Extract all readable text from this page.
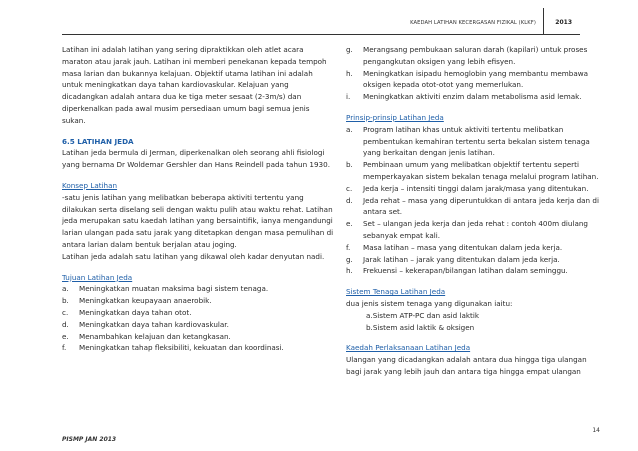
KAEDAH LATIHAN KECERGASAN FIZIKAL (KLKF)	2013

Latihan ini adalah latihan yang sering dipraktikkan oleh atlet acara maraton atau jarak jauh. Latihan ini memberi penekanan kepada tempoh masa larian dan bukannya kelajuan. Objektif utama latihan ini adalah untuk meningkatkan daya tahan kardiovaskular. Kelajuan yang dicadangkan adalah antara dua ke tiga meter sesaat (2-3m/s) dan diperkenalkan pada awal musim persediaan umum bagi semua jenis sukan.

6.5 LATIHAN JEDA

Latihan jeda bermula di Jerman, diperkenalkan oleh seorang ahli fisiologi yang bernama Dr Woldemar Gershler dan Hans Reindell pada tahun 1930.

Konsep Latihan

-satu jenis latihan yang melibatkan beberapa aktiviti tertentu yang dilakukan serta diselang seli dengan waktu pulih atau waktu rehat. Latihan jeda merupakan satu kaedah latihan yang bersaintifik, ianya mengandungi larian ulangan pada satu jarak yang ditetapkan dengan masa pemulihan di antara larian dalam bentuk berjalan atau joging.

Latihan jeda adalah satu latihan yang dikawal oleh kadar denyutan nadi.

Tujuan Latihan Jeda
a.	Meningkatkan muatan maksima bagi sistem tenaga.
b.	Meningkatkan keupayaan anaerobik.
c.	Meningkatkan daya tahan otot.
d.	Meningkatkan daya tahan kardiovaskular.
e.	Menambahkan kelajuan dan ketangkasan.
f.	Meningkatkan tahap fleksibiliti, kekuatan dan koordinasi.
g.	Merangsang pembukaan saluran darah (kapilari) untuk proses pengangkutan oksigen yang lebih efisyen.
h.	Meningkatkan isipadu hemoglobin yang membantu membawa oksigen kepada otot-otot yang memerlukan.
i.	Meningkatkan aktiviti enzim dalam metabolisma asid lemak.
Prinsip-prinsip Latihan Jeda
a.	Program latihan khas untuk aktiviti tertentu melibatkan pembentukan kemahiran tertentu serta bekalan sistem tenaga yang berkaitan dengan jenis latihan.
b.	Pembinaan umum yang melibatkan objektif tertentu seperti memperkayakan sistem bekalan tenaga melalui program latihan.
c.	Jeda kerja – intensiti tinggi dalam jarak/masa yang ditentukan.
d.	Jeda rehat – masa yang diperuntukkan di antara jeda kerja dan di antara set.
e.	Set – ulangan jeda kerja dan jeda rehat : contoh 400m diulang sebanyak empat kali.
f.	Masa latihan – masa yang ditentukan dalam jeda kerja.
g.	Jarak latihan – jarak yang ditentukan dalam jeda kerja.
h.	Frekuensi – kekerapan/bilangan latihan dalam seminggu.
Sistem Tenaga Latihan Jeda
dua jenis sistem tenaga yang digunakan iaitu:
a.Sistem ATP-PC dan asid laktik
b.Sistem asid laktik & oksigen
Kaedah Perlaksanaan Latihan Jeda
Ulangan yang dicadangkan adalah antara dua hingga tiga ulangan bagi jarak yang lebih jauh dan antara tiga hingga empat ulangan
14
PISMP JAN 2013
